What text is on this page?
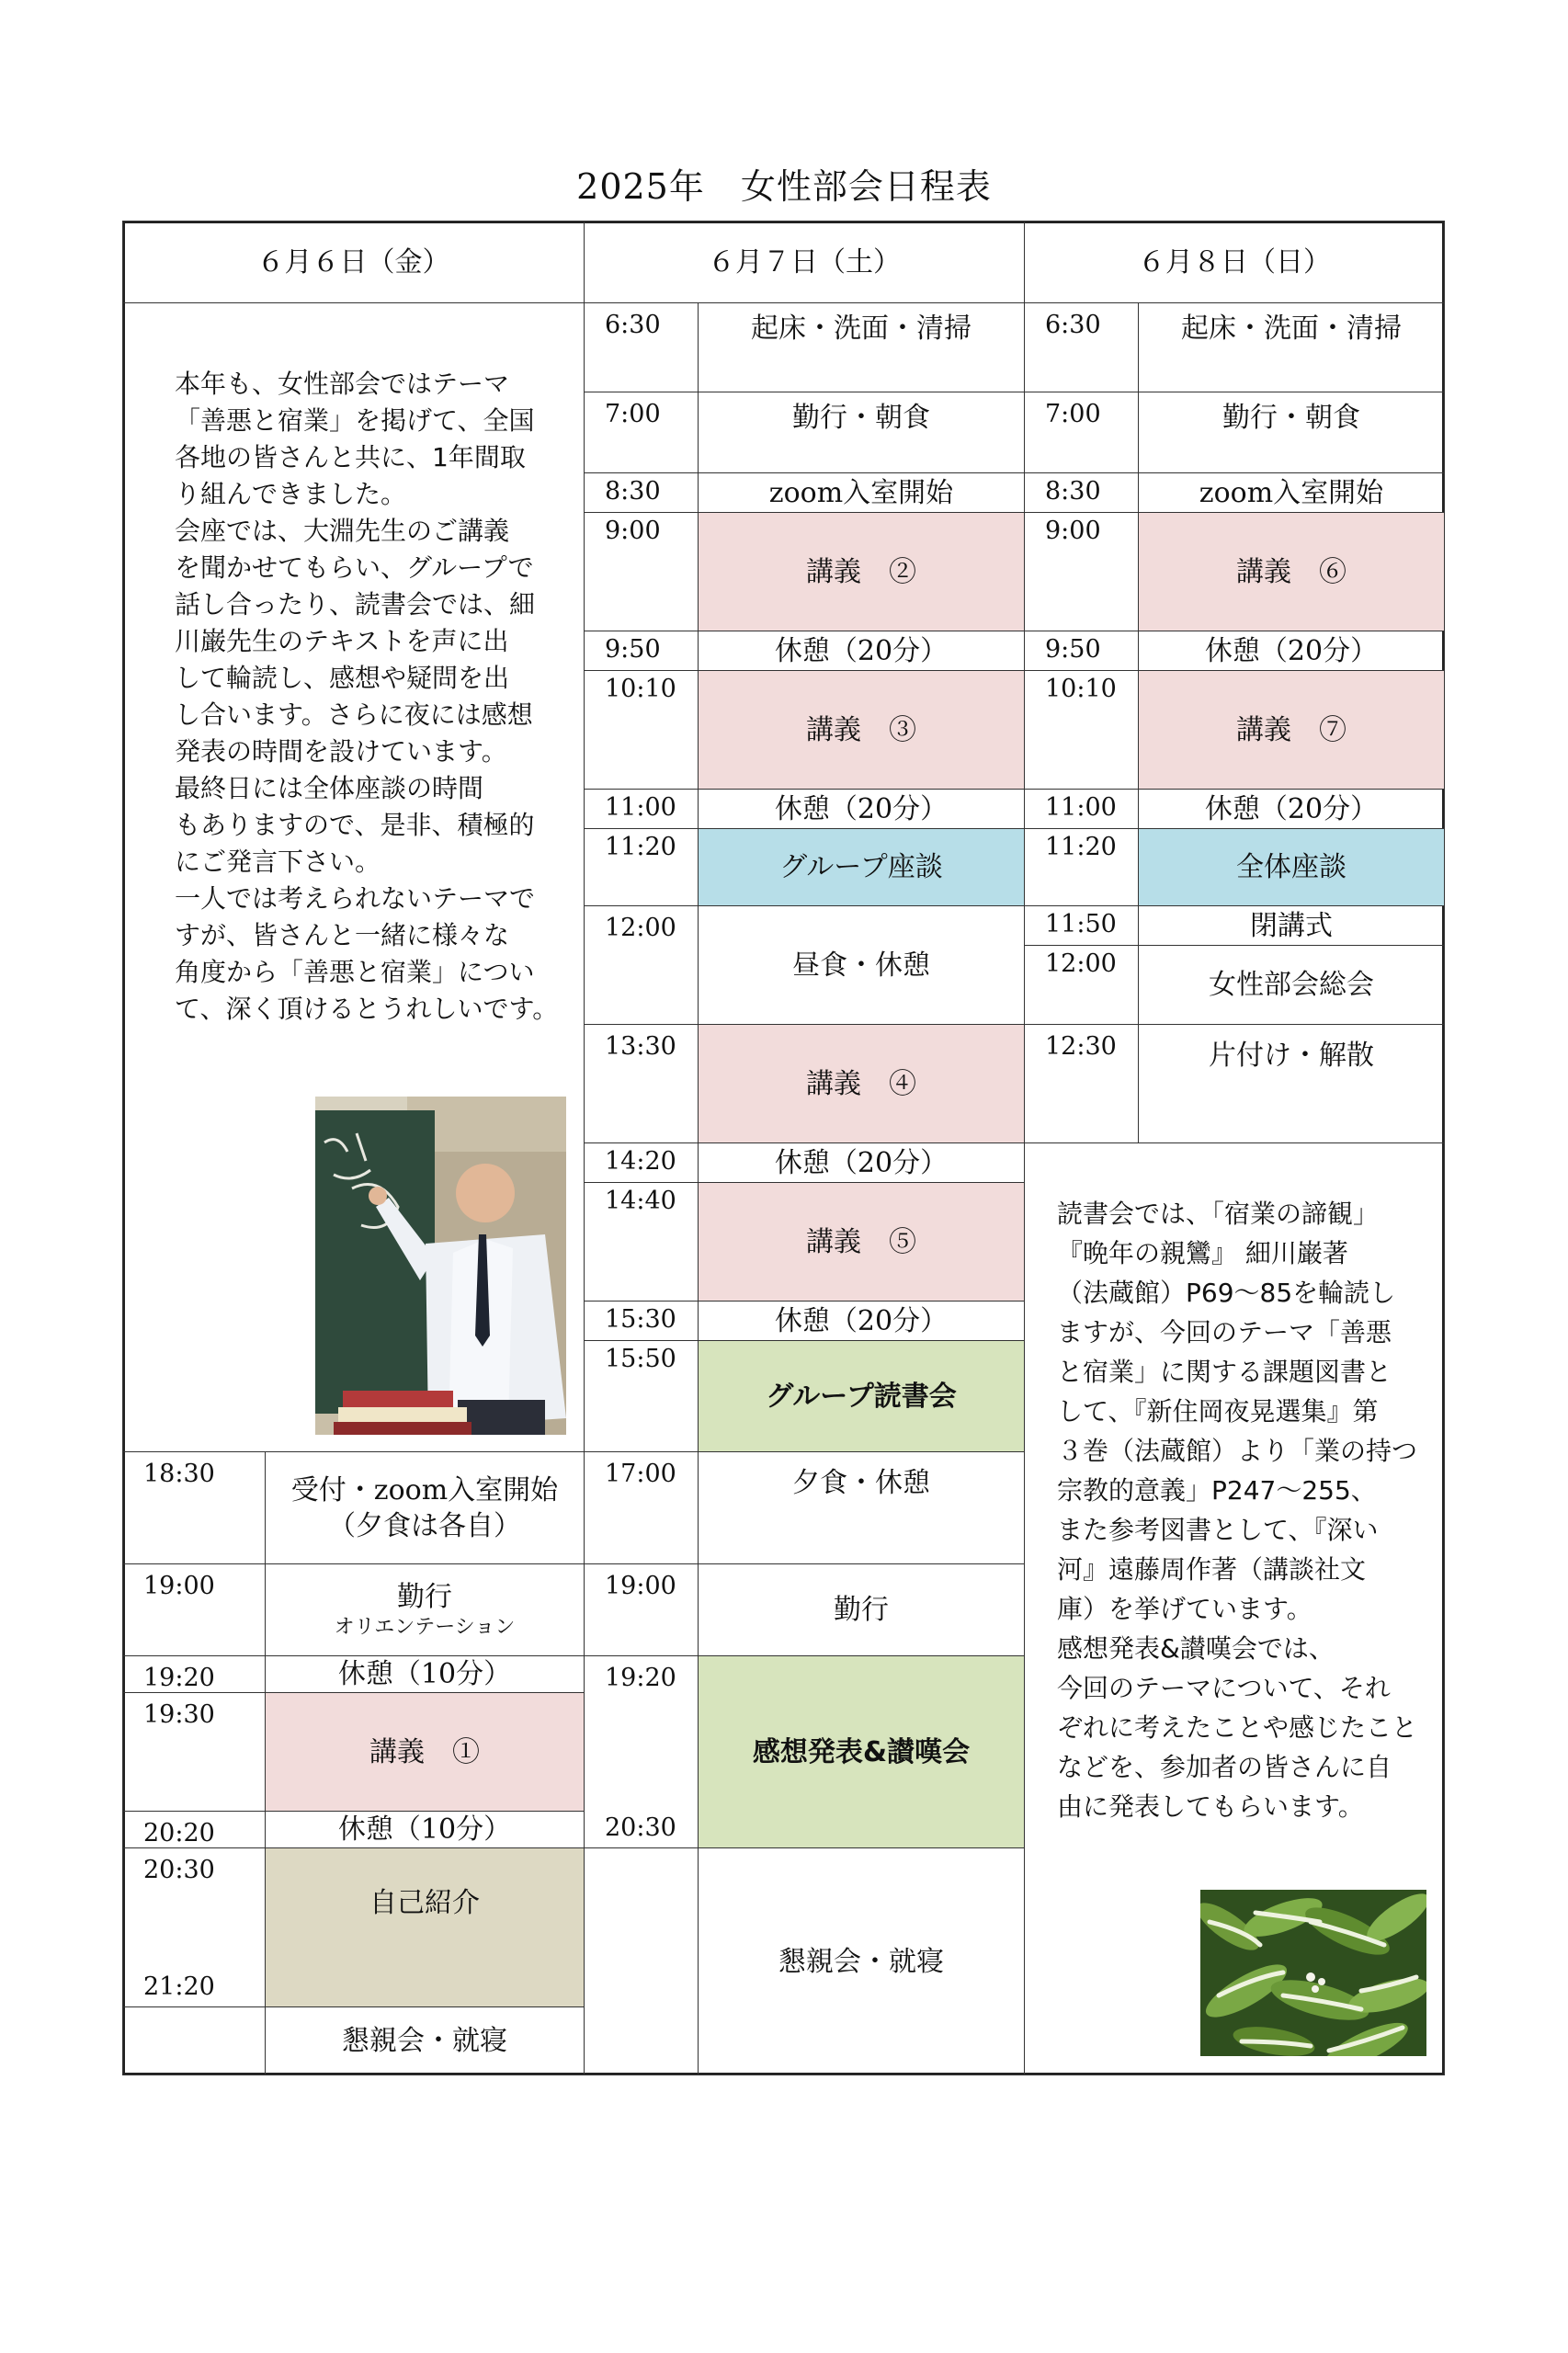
2025年　女性部会日程表
６月６日（金）	６月７日（土）	６月８日（日）

本年も、女性部会ではテーマ

「善悪と宿業」を掲げて、全国

各地の皆さんと共に、1年間取

り組んできました。

会座では、大淵先生のご講義

を聞かせてもらい、グループで

話し合ったり、読書会では、細

川巌先生のテキストを声に出

して輪読し、感想や疑問を出

し合います。さらに夜には感想

発表の時間を設けています。

最終日には全体座談の時間

もありますので、是非、積極的

にご発言下さい。

一人では考えられないテーマで

すが、皆さんと一緒に様々な

角度から「善悪と宿業」につい

て、深く頂けるとうれしいです。

18:30
19:00
19:20
19:30
20:20
20:30
21:20
受付・zoom入室開始
（夕食は各自）
勤行
オリエンテーション
休憩（10分）
講義　①
休憩（10分）
自己紹介
懇親会・就寝
6:30
7:00
8:30
9:00
9:50
10:10
11:00
11:20
12:00
13:30
14:20
14:40
15:30
15:50
17:00
19:00
19:20
20:30
起床・洗面・清掃
勤行・朝食
zoom入室開始
講義　②
休憩（20分）
講義　③
休憩（20分）
グループ座談
昼食・休憩
講義　④
休憩（20分）
講義　⑤
休憩（20分）
グループ読書会
夕食・休憩
勤行
感想発表&讃嘆会
懇親会・就寝
6:30
7:00
8:30
9:00
9:50
10:10
11:00
11:20
11:50
12:00
12:30
起床・洗面・清掃
勤行・朝食
zoom入室開始
講義　⑥
休憩（20分）
講義　⑦
休憩（20分）
全体座談
閉講式
女性部会総会
片付け・解散

読書会では、「宿業の諦観」

『晩年の親鸞』 細川巌著

（法蔵館）P69～85を輪読し

ますが、今回のテーマ「善悪

と宿業」に関する課題図書と

して、『新住岡夜晃選集』第

３巻（法蔵館）より「業の持つ

宗教的意義」P247～255、

また参考図書として、『深い

河』遠藤周作著（講談社文

庫）を挙げています。

感想発表&讃嘆会では、

今回のテーマについて、それ

ぞれに考えたことや感じたこと

などを、参加者の皆さんに自

由に発表してもらいます。
